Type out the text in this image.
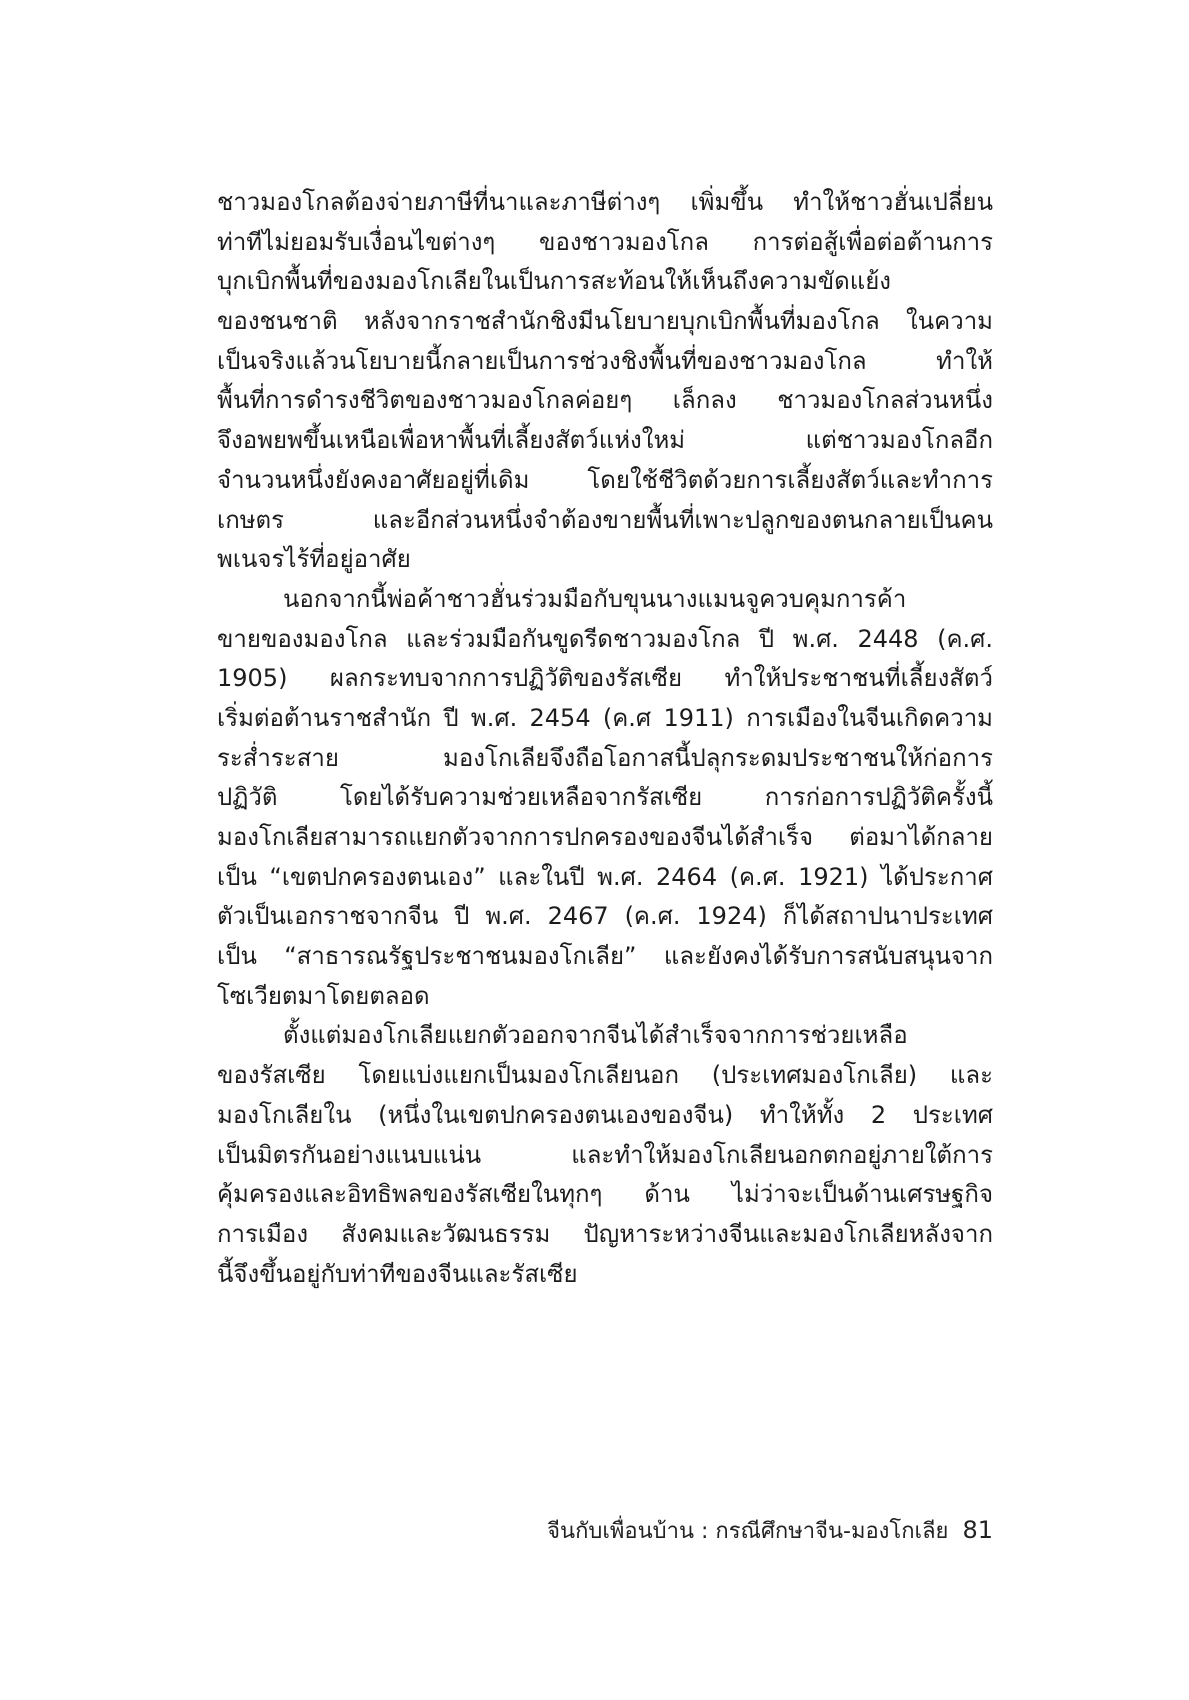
ชาวมองโกลต้องจ่ายภาษีที่นาและภาษีต่างๆ เพิ่มขึ้น ทำให้ชาวฮั่นเปลี่ยน
ท่าทีไม่ยอมรับเงื่อนไขต่างๆ ของชาวมองโกล การต่อสู้เพื่อต่อต้านการ
บุกเบิกพื้นที่ของมองโกเลียในเป็นการสะท้อนให้เห็นถึงความขัดแย้ง
ของชนชาติ หลังจากราชสำนักชิงมีนโยบายบุกเบิกพื้นที่มองโกล ในความ
เป็นจริงแล้วนโยบายนี้กลายเป็นการช่วงชิงพื้นที่ของชาวมองโกล ทำให้
พื้นที่การดำรงชีวิตของชาวมองโกลค่อยๆ เล็กลง ชาวมองโกลส่วนหนึ่ง
จึงอพยพขึ้นเหนือเพื่อหาพื้นที่เลี้ยงสัตว์แห่งใหม่ แต่ชาวมองโกลอีก
จำนวนหนึ่งยังคงอาศัยอยู่ที่เดิม โดยใช้ชีวิตด้วยการเลี้ยงสัตว์และทำการ
เกษตร และอีกส่วนหนึ่งจำต้องขายพื้นที่เพาะปลูกของตนกลายเป็นคน
พเนจรไร้ที่อยู่อาศัย
นอกจากนี้พ่อค้าชาวฮั่นร่วมมือกับขุนนางแมนจูควบคุมการค้า
ขายของมองโกล และร่วมมือกันขูดรีดชาวมองโกล ปี พ.ศ. 2448 (ค.ศ.
1905) ผลกระทบจากการปฏิวัติของรัสเซีย ทำให้ประชาชนที่เลี้ยงสัตว์
เริ่มต่อต้านราชสำนัก ปี พ.ศ. 2454 (ค.ศ 1911) การเมืองในจีนเกิดความ
ระส่ำระสาย มองโกเลียจึงถือโอกาสนี้ปลุกระดมประชาชนให้ก่อการ
ปฏิวัติ โดยได้รับความช่วยเหลือจากรัสเซีย การก่อการปฏิวัติครั้งนี้
มองโกเลียสามารถแยกตัวจากการปกครองของจีนได้สำเร็จ ต่อมาได้กลาย
เป็น “เขตปกครองตนเอง” และในปี พ.ศ. 2464 (ค.ศ. 1921) ได้ประกาศ
ตัวเป็นเอกราชจากจีน ปี พ.ศ. 2467 (ค.ศ. 1924) ก็ได้สถาปนาประเทศ
เป็น “สาธารณรัฐประชาชนมองโกเลีย” และยังคงได้รับการสนับสนุนจาก
โซเวียตมาโดยตลอด
ตั้งแต่มองโกเลียแยกตัวออกจากจีนได้สำเร็จจากการช่วยเหลือ
ของรัสเซีย โดยแบ่งแยกเป็นมองโกเลียนอก (ประเทศมองโกเลีย) และ
มองโกเลียใน (หนึ่งในเขตปกครองตนเองของจีน) ทำให้ทั้ง 2 ประเทศ
เป็นมิตรกันอย่างแนบแน่น และทำให้มองโกเลียนอกตกอยู่ภายใต้การ
คุ้มครองและอิทธิพลของรัสเซียในทุกๆ ด้าน ไม่ว่าจะเป็นด้านเศรษฐกิจ
การเมือง สังคมและวัฒนธรรม ปัญหาระหว่างจีนและมองโกเลียหลังจาก
นี้จึงขึ้นอยู่กับท่าทีของจีนและรัสเซีย
จีนกับเพื่อนบ้าน : กรณีศึกษาจีน-มองโกเลีย 81
